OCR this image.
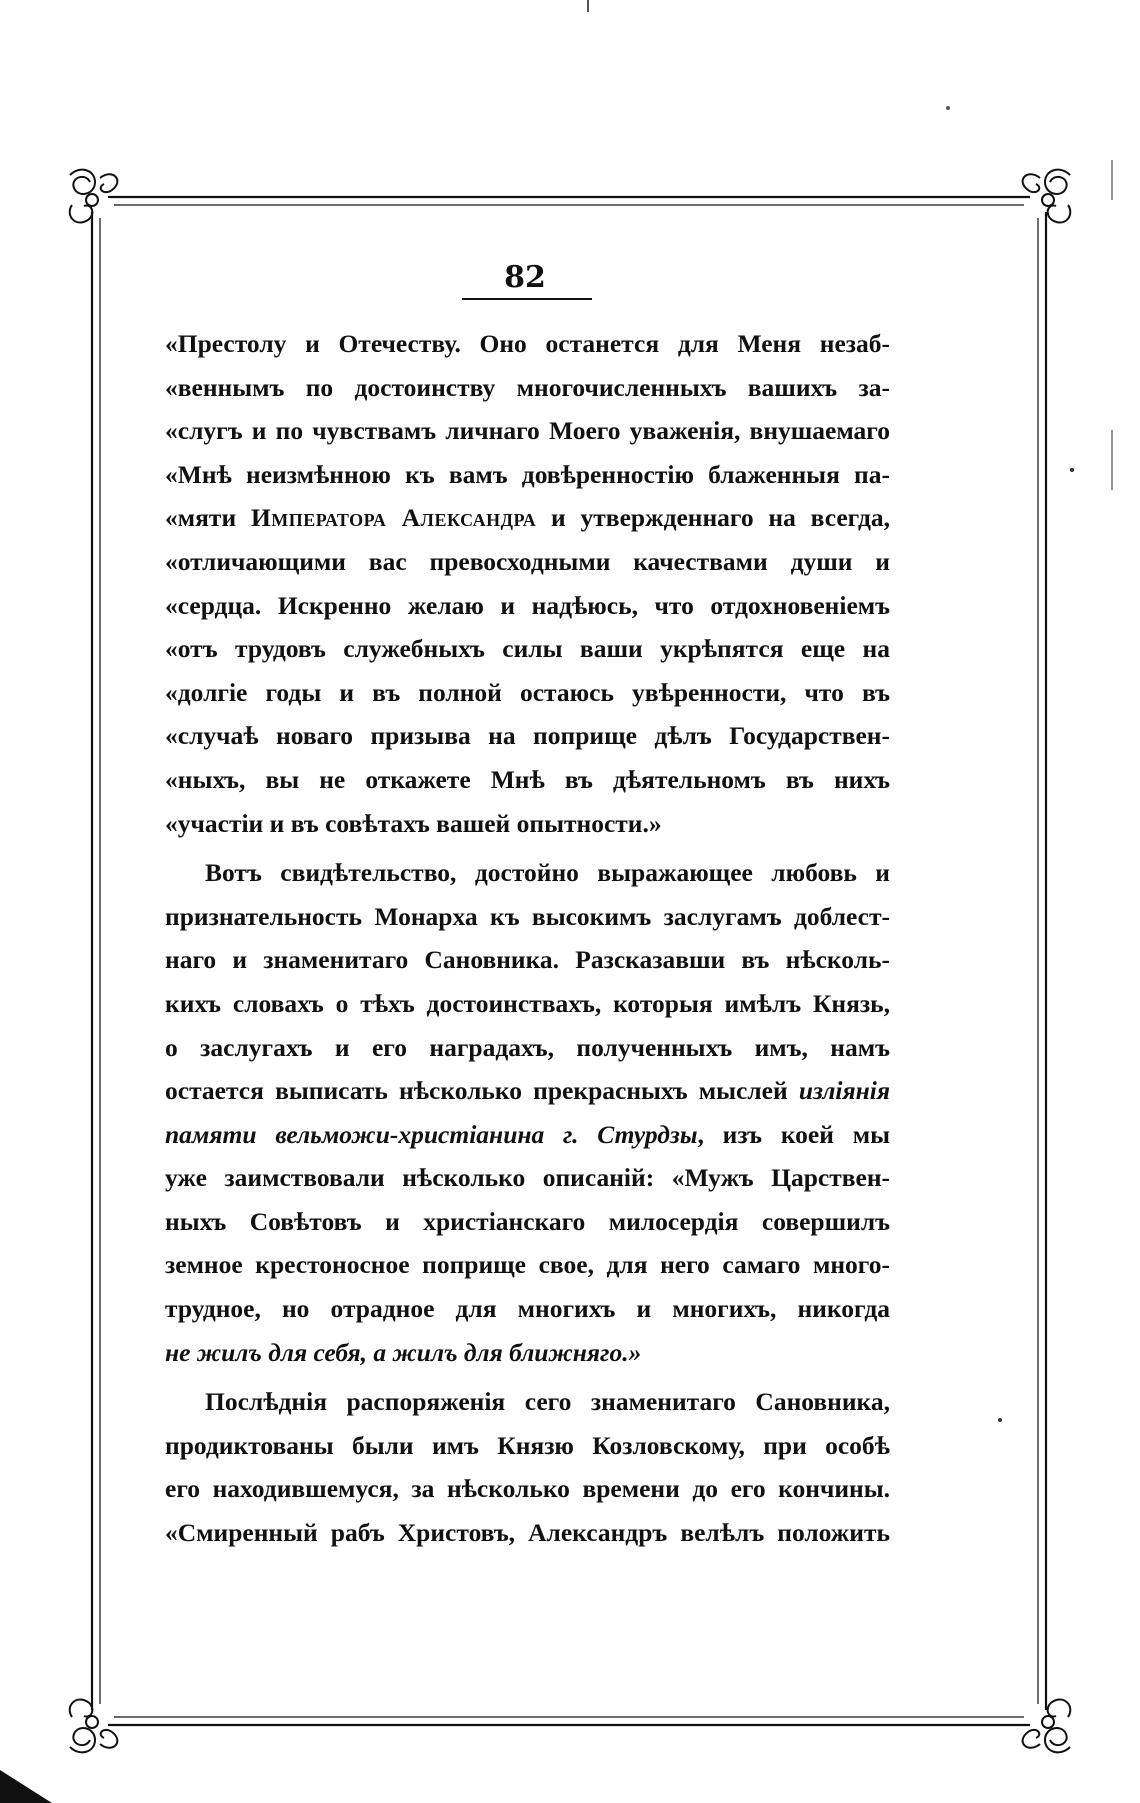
82
«Престолу и Отечеству. Оно останется для Меня незаб-
«веннымъ по достоинству многочисленныхъ вашихъ за-
«слугъ и по чувствамъ личнаго Моего уваженія, внушаемаго
«Мнѣ неизмѣнною къ вамъ довѣренностію блаженныя па-
«мяти Императора Александра и утвержденнаго на всегда,
«отличающими вас превосходными качествами души и
«сердца. Искренно желаю и надѣюсь, что отдохновеніемъ
«отъ трудовъ служебныхъ силы ваши укрѣпятся еще на
«долгіе годы и въ полной остаюсь увѣренности, что въ
«случаѣ новаго призыва на поприще дѣлъ Государствен-
«ныхъ, вы не откажете Мнѣ въ дѣятельномъ въ нихъ
«участіи и въ совѣтахъ вашей опытности.»
Вотъ свидѣтельство, достойно выражающее любовь и
признательность Монарха къ высокимъ заслугамъ доблест-
наго и знаменитаго Сановника. Разсказавши въ нѣсколь-
кихъ словахъ о тѣхъ достоинствахъ, которыя имѣлъ Князь,
о заслугахъ и его наградахъ, полученныхъ имъ, намъ
остается выписать нѣсколько прекрасныхъ мыслей изліянія
памяти вельможи-христіанина г. Стурдзы, изъ коей мы
уже заимствовали нѣсколько описаній: «Мужъ Царствен-
ныхъ Совѣтовъ и христіанскаго милосердія совершилъ
земное крестоносное поприще свое, для него самаго много-
трудное, но отрадное для многихъ и многихъ, никогда
не жилъ для себя, а жилъ для ближняго.»
Послѣднія распоряженія сего знаменитаго Сановника,
продиктованы были имъ Князю Козловскому, при особѣ
его находившемуся, за нѣсколько времени до его кончины.
«Смиренный рабъ Христовъ, Александръ велѣлъ положить
